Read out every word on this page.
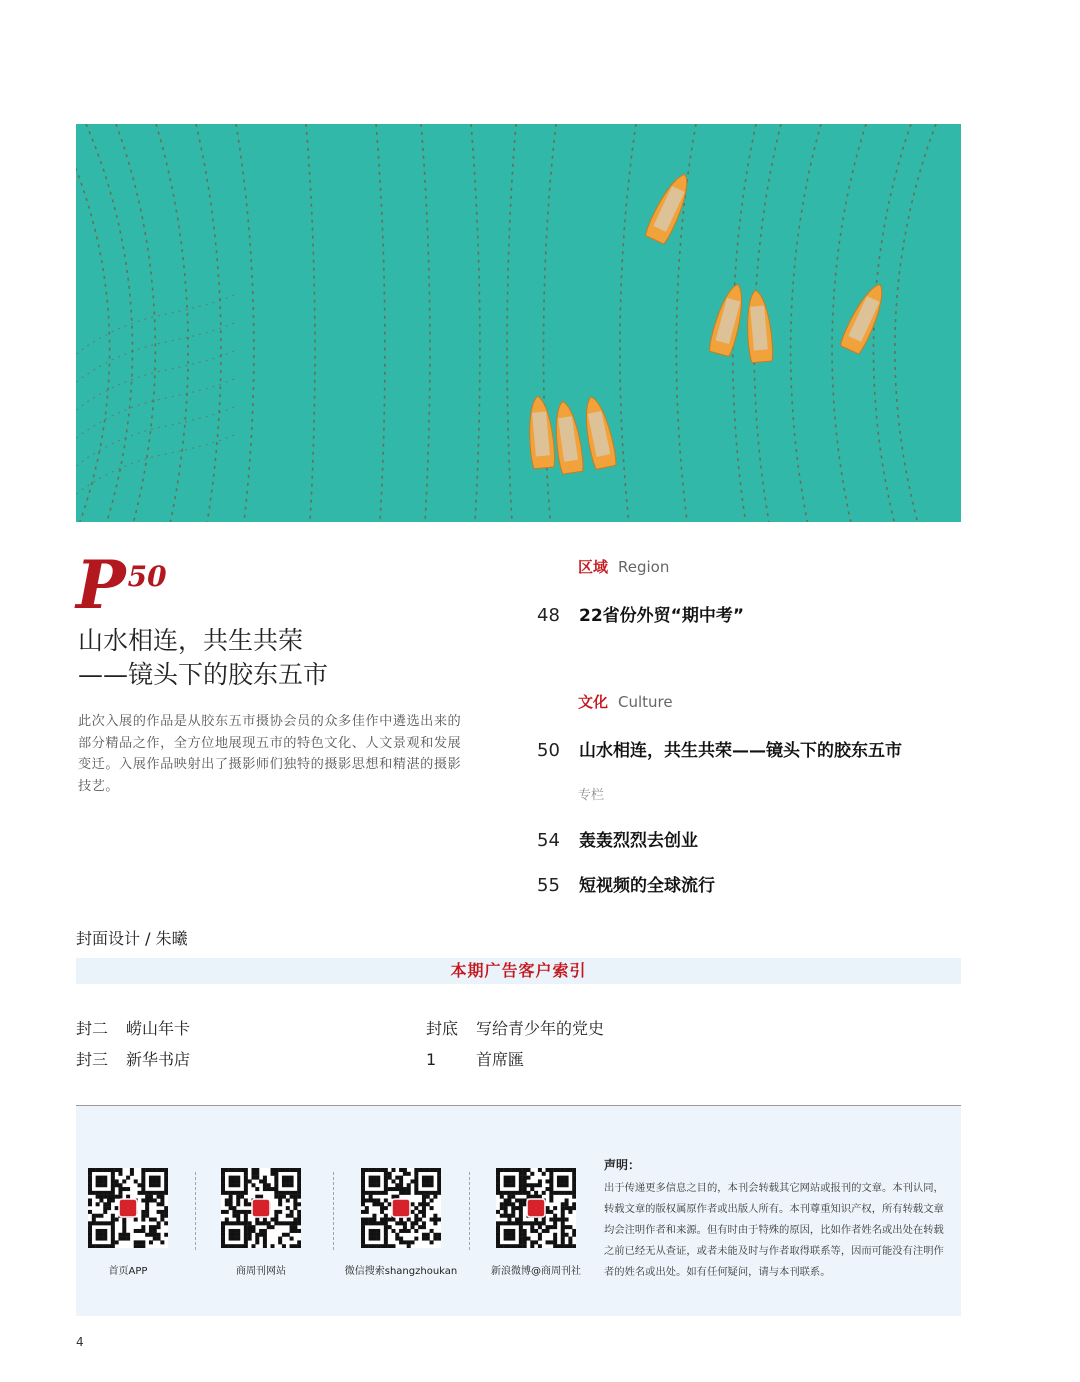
P50
山水相连，共生共荣
——镜头下的胶东五市
此次入展的作品是从胶东五市摄协会员的众多佳作中遴选出来的部分精品之作，全方位地展现五市的特色文化、人文景观和发展变迁。入展作品映射出了摄影师们独特的摄影思想和精湛的摄影技艺。
区域 Region
48 22省份外贸“期中考”
文化 Culture
50 山水相连，共生共荣——镜头下的胶东五市
专栏
54 轰轰烈烈去创业
55 短视频的全球流行
封面设计 / 朱曦
本期广告客户索引
封二 崂山年卡	封底 写给青少年的党史
封三 新华书店	1 首席匯
首页APP	商周刊网站	微信搜索shangzhoukan	新浪微博@商周刊社
声明：
出于传递更多信息之目的，本刊会转载其它网站或报刊的文章。本刊认同，转载文章的版权属原作者或出版人所有。本刊尊重知识产权，所有转载文章均会注明作者和来源。但有时由于特殊的原因，比如作者姓名或出处在转载之前已经无从查证，或者未能及时与作者取得联系等，因而可能没有注明作者的姓名或出处。如有任何疑问，请与本刊联系。
4
